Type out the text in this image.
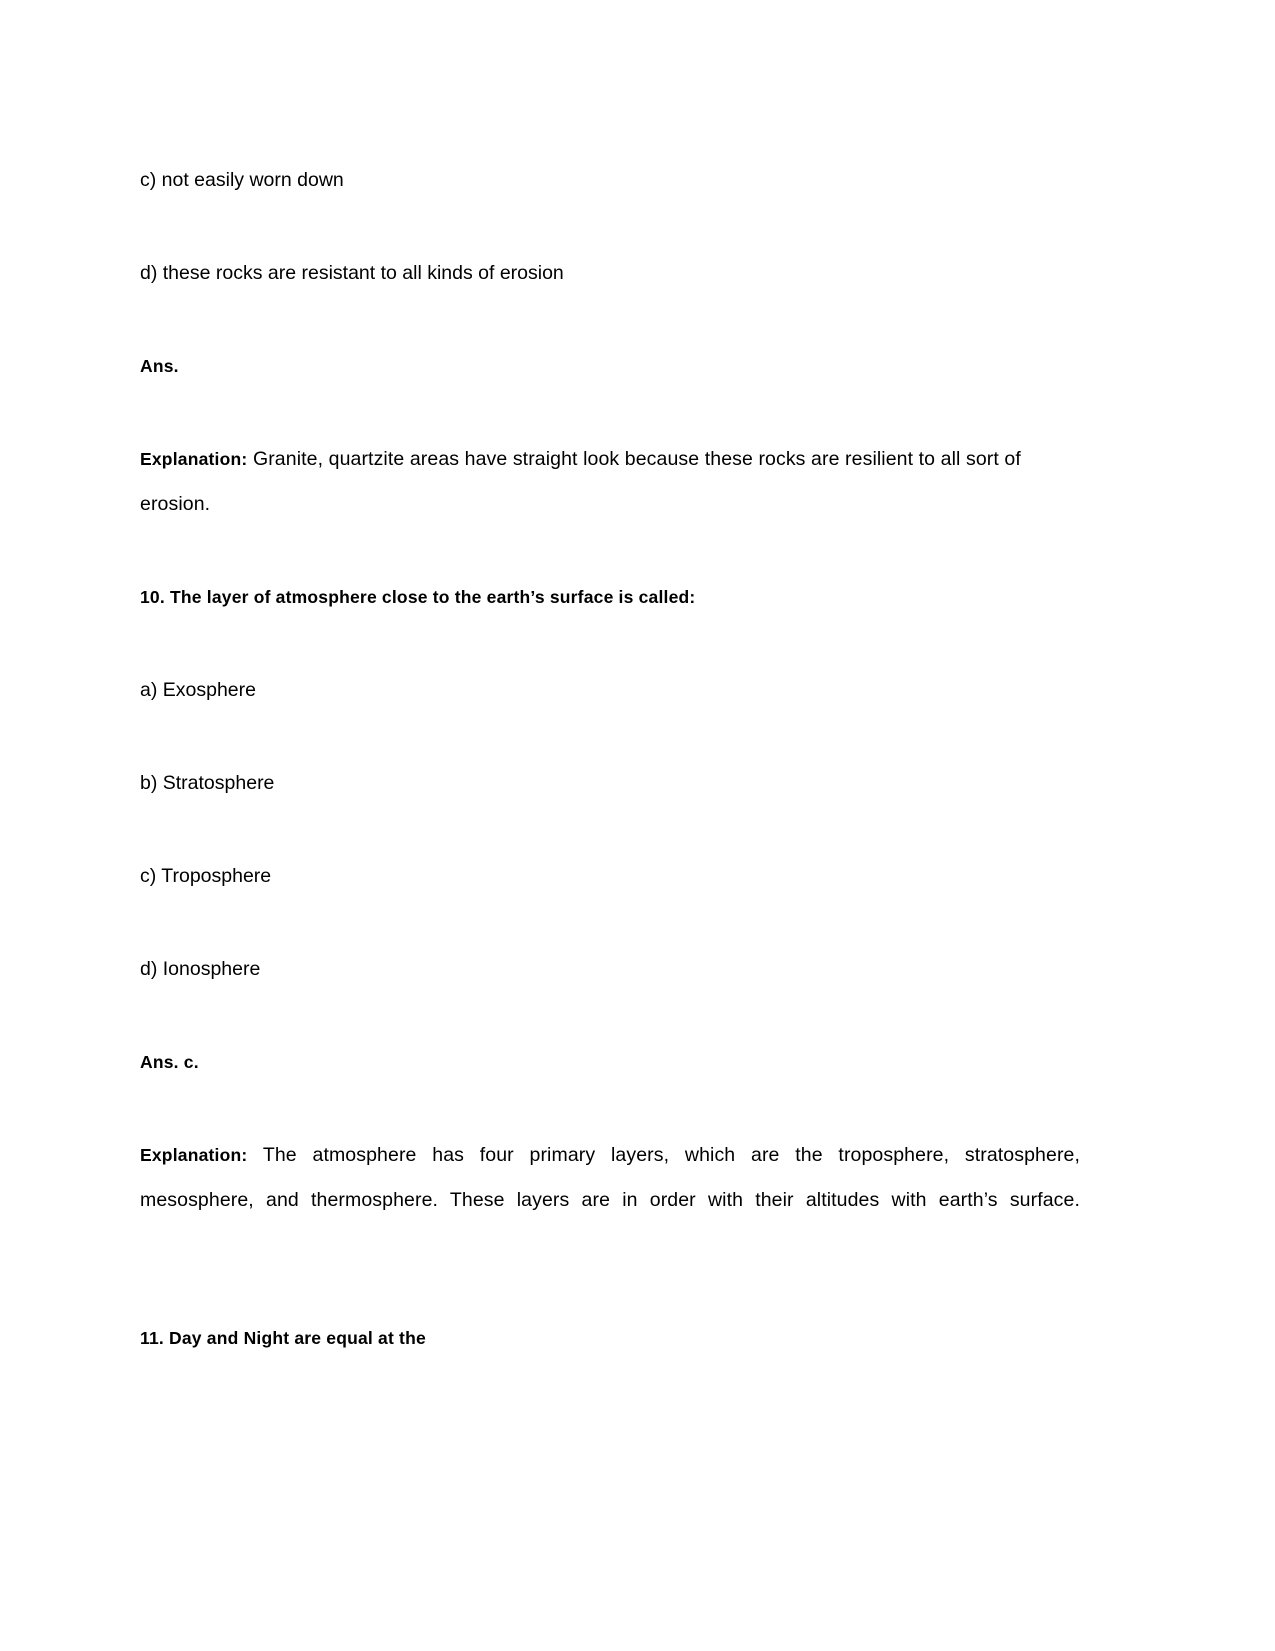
c) not easily worn down

d) these rocks are resistant to all kinds of erosion

Ans.

Explanation: Granite, quartzite areas have straight look because these rocks are resilient to all sort of erosion.

10. The layer of atmosphere close to the earth’s surface is called:

a) Exosphere

b) Stratosphere

c) Troposphere

d) Ionosphere

Ans. c.

Explanation: The atmosphere has four primary layers, which are the troposphere, stratosphere, mesosphere, and thermosphere. These layers are in order with their altitudes with earth’s surface.

11. Day and Night are equal at the
